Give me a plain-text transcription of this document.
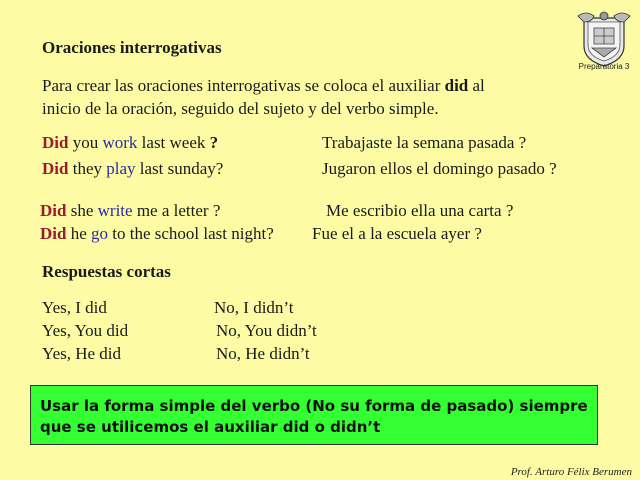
Preparatoria 3
Oraciones interrogativas
Para crear las oraciones interrogativas se coloca el auxiliar did al
inicio de la oración, seguido del sujeto y del verbo simple.
Did you work last week ?	Trabajaste la semana pasada ?
Did they play last sunday?	Jugaron ellos el domingo pasado ?
Did she write me a letter ?	Me escribio ella una carta ?
Did he go to the school last night? Fue el a la escuela ayer ?
Respuestas cortas
Yes, I did	No, I didn’t
Yes, You did	No, You didn’t
Yes, He did	No, He didn’t
Usar la forma simple del verbo (No su forma de pasado) siempre
que se utilicemos el auxiliar did o didn’t
Prof. Arturo Félix Berumen
